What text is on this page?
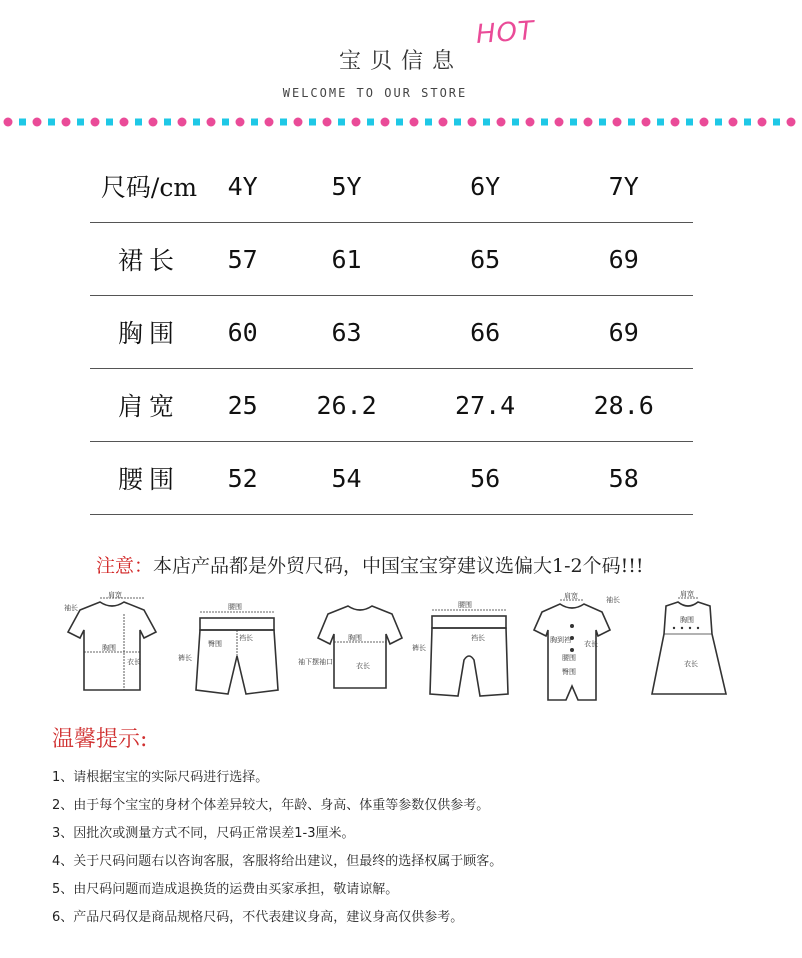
宝贝信息
WELCOME TO OUR STORE
HOT
尺码/cm	4Y	5Y	6Y	7Y
裙长	57	61	65	69
胸围	60	63	66	69
肩宽	25	26.2	27.4	28.6
腰围	52	54	56	58
注意：本店产品都是外贸尺码，中国宝宝穿建议选偏大1-2个码!!!
肩宽
袖长
胸围
衣长
腰围
臀围
裆长
裤长
胸围
袖下摆袖口	衣长
腰围
裆长
裤长
肩宽	袖长
胸到裆 衣长
腰围
臀围
肩宽
胸围
衣长
温馨提示:
1、请根据宝宝的实际尺码进行选择。
2、由于每个宝宝的身材个体差异较大，年龄、身高、体重等参数仅供参考。
3、因批次或测量方式不同，尺码正常误差1-3厘米。
4、关于尺码问题右以咨询客服，客服将给出建议，但最终的选择权属于顾客。
5、由尺码问题而造成退换货的运费由买家承担，敬请谅解。
6、产品尺码仅是商品规格尺码，不代表建议身高，建议身高仅供参考。
